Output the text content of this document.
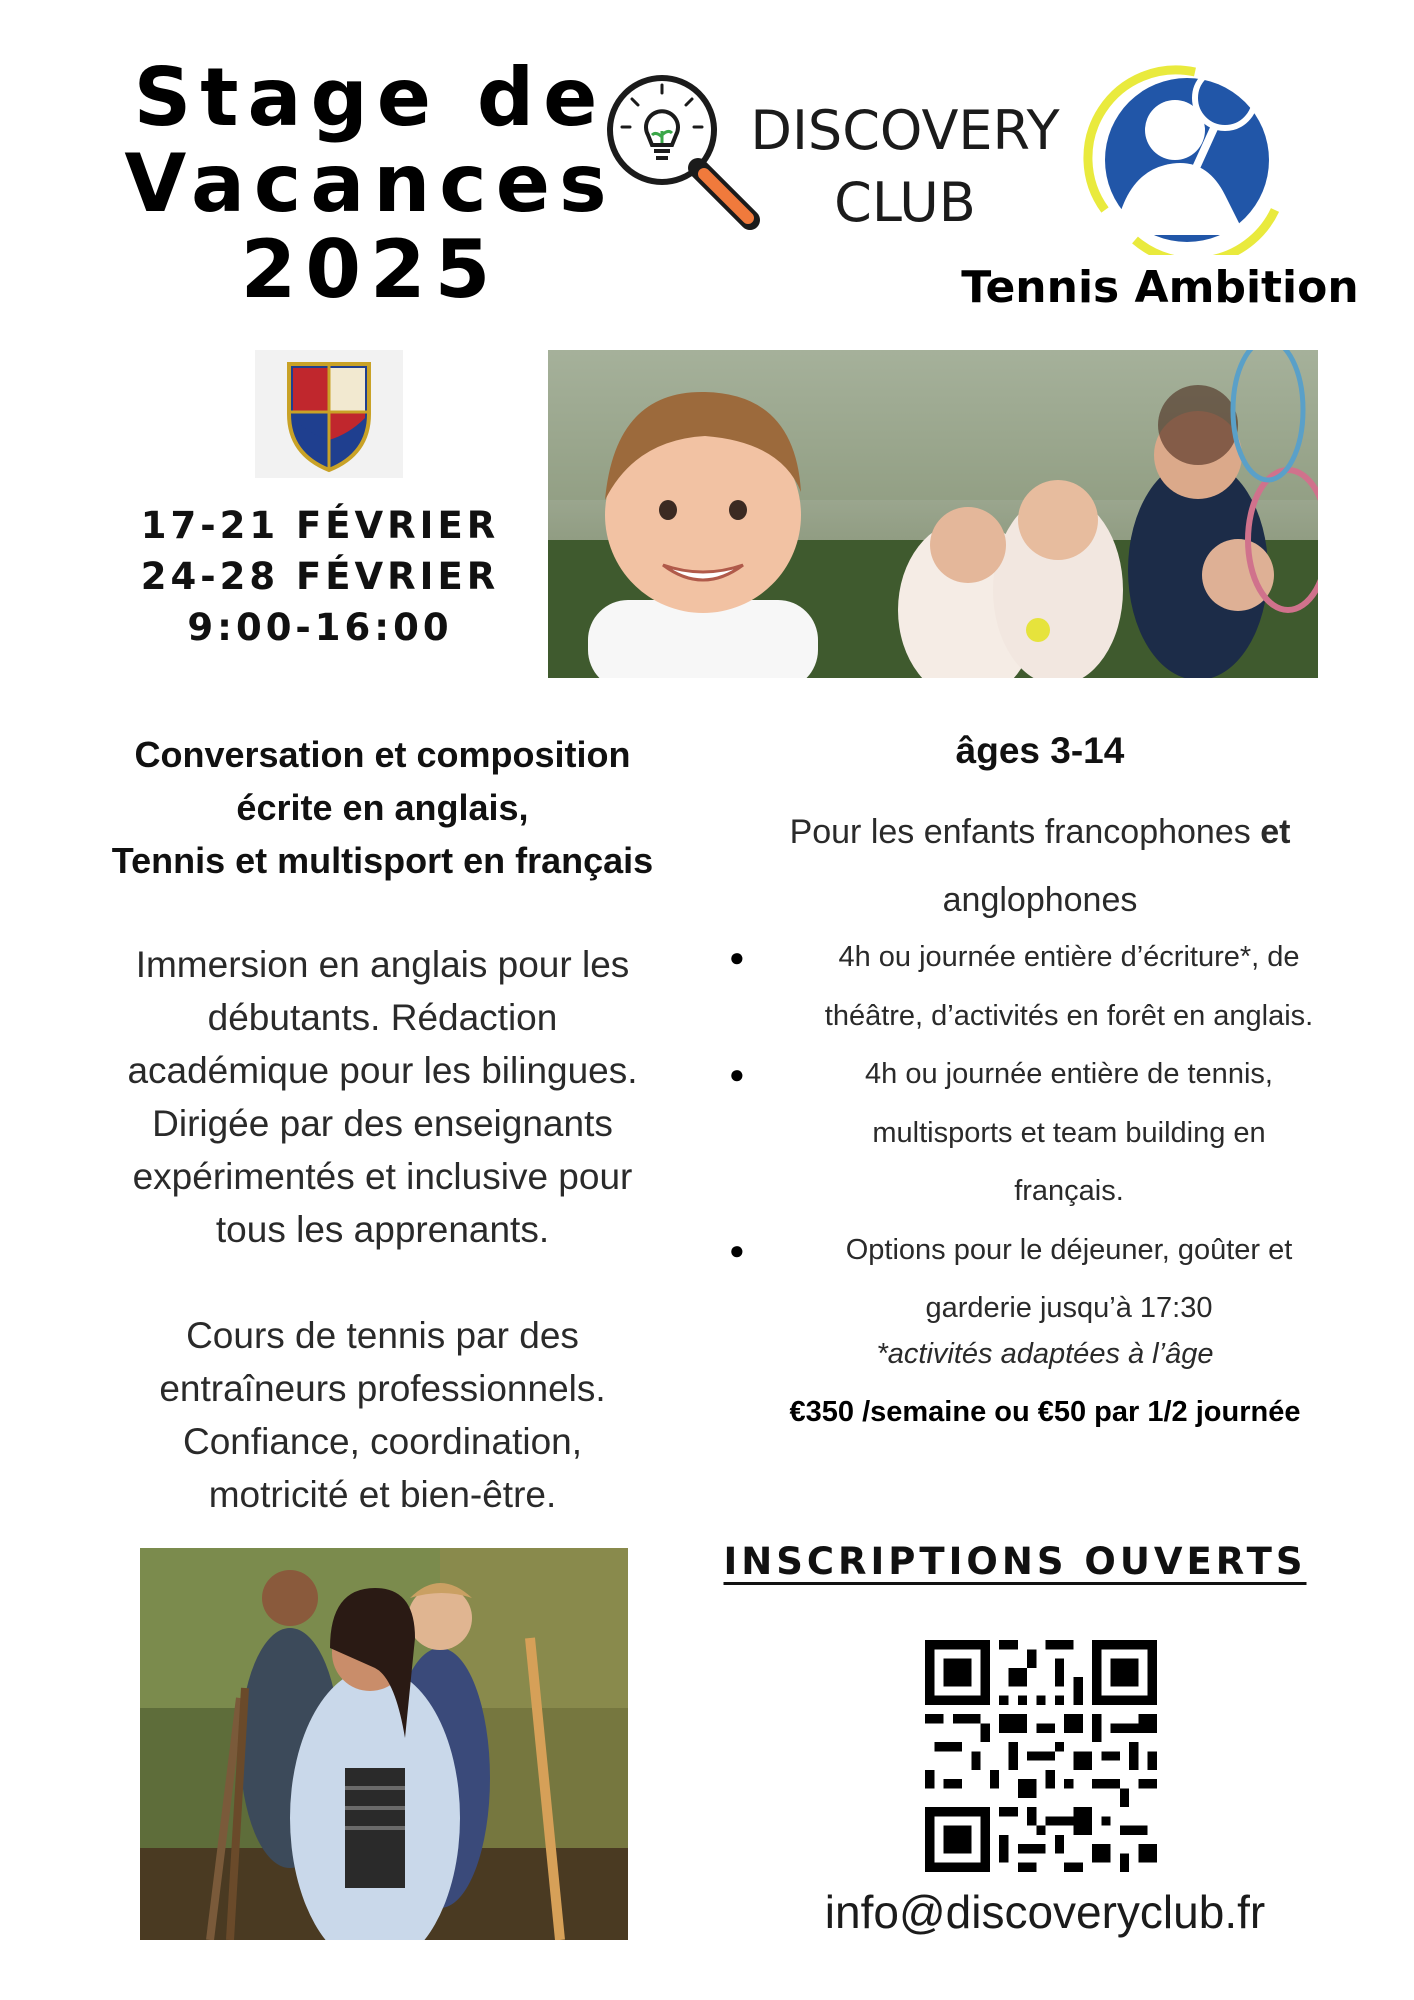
Stage de
Vacances
2025
DISCOVERY
CLUB
Tennis Ambition
17-21 FÉVRIER
24-28 FÉVRIER
9:00-16:00
Conversation et composition
écrite en anglais,
Tennis et multisport en français
Immersion en anglais pour les
débutants. Rédaction
académique pour les bilingues.
Dirigée par des enseignants
expérimentés et inclusive pour
tous les apprenants.
Cours de tennis par des
entraîneurs professionnels.
Confiance, coordination,
motricité et bien-être.
âges 3-14
Pour les enfants francophones et
anglophones
●	4h ou journée entière d’écriture*, de
théâtre, d’activités en forêt en anglais.
●	4h ou journée entière de tennis,
multisports et team building en
français.
●	Options pour le déjeuner, goûter et
garderie jusqu’à 17:30
*activités adaptées à l’âge
€350 /semaine ou €50 par 1/2 journée
INSCRIPTIONS OUVERTS
info@discoveryclub.fr
